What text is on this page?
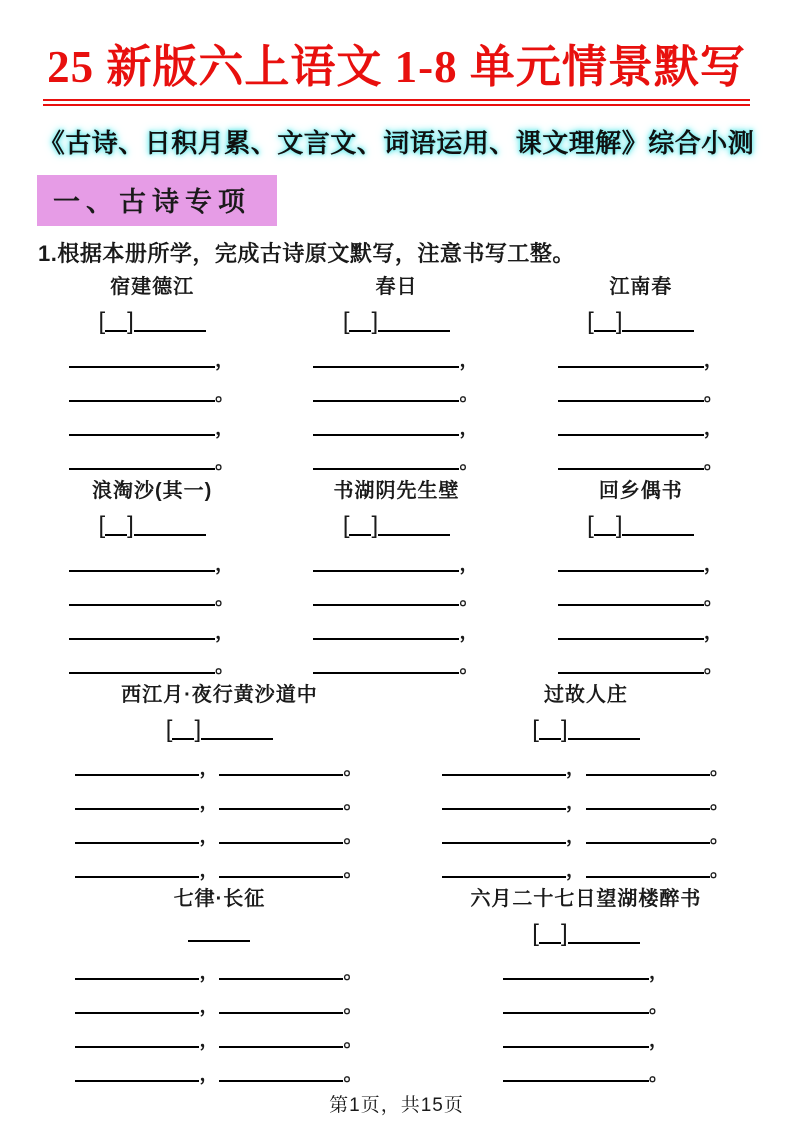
25 新版六上语文 1-8 单元情景默写
《古诗、日积月累、文言文、词语运用、课文理解》综合小测
一、古诗专项
1.根据本册所学，完成古诗原文默写，注意书写工整。
宿建德江
[ ]
，
。
，
。
春日
[ ]
，
。
，
。
江南春
[ ]
，
。
，
。
浪淘沙(其一)
[ ]
，
。
，
。
书湖阴先生壁
[ ]
，
。
，
。
回乡偶书
[ ]
，
。
，
。
西江月·夜行黄沙道中
[ ]
，	。
，	。
，	。
，	。
过故人庄
[ ]
，	。
，	。
，	。
，	。
七律·长征
，	。
，	。
，	。
，	。
六月二十七日望湖楼醉书
[ ]
，
。
，
。
第1页，共15页
